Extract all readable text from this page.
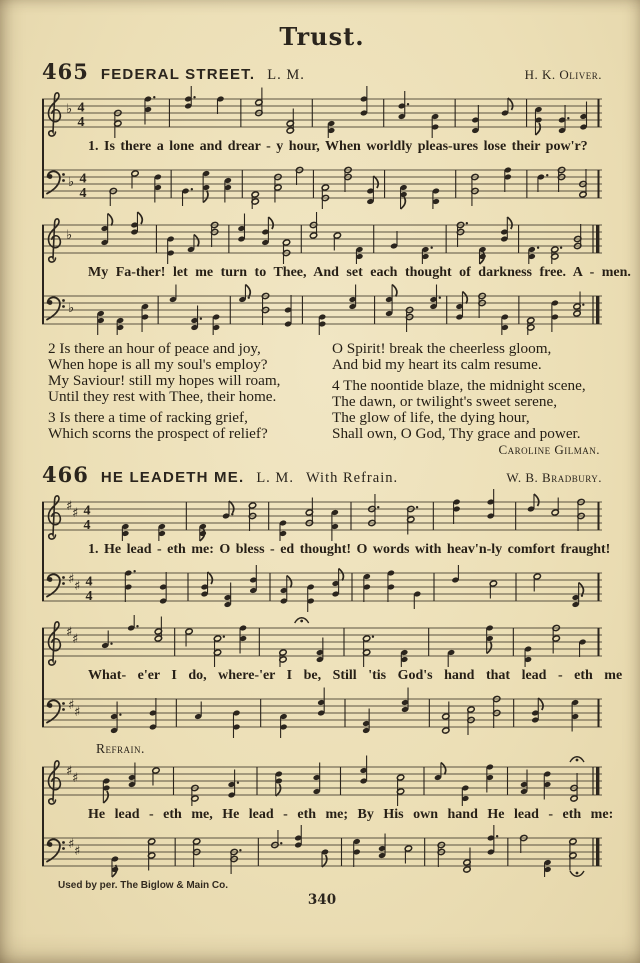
Trust.
465 FEDERAL STREET. L. M.	H. K. Oliver.
♭ 4
4
1. Is there a lone and drear - y hour, When worldly pleas-ures lose their pow'r?
♭ 4
4
♭
My Fa-ther! let me turn to Thee, And set each thought of darkness free. A - men.
♭
2 Is there an hour of peace and joy,
When hope is all my soul's employ?
My Saviour! still my hopes will roam,
Until they rest with Thee, their home.
3 Is there a time of racking grief,
Which scorns the prospect of relief?
O Spirit! break the cheerless gloom,
And bid my heart its calm resume.
4 The noontide blaze, the midnight scene,
The dawn, or twilight's sweet serene,
The glow of life, the dying hour,
Shall own, O God, Thy grace and power.
Caroline Gilman.
466 HE LEADETH ME. L. M. With Refrain.	W. B. Bradbury.
♯ ♯ 4
4
1. He lead - eth me: O bless - ed thought! O words with heav'n-ly comfort fraught!
♯ ♯ 4
4
♯ ♯
What- e'er I do, where-'er I be, Still 'tis God's hand that lead - eth me
♯ ♯
Refrain.
♯ ♯
He lead - eth me, He lead - eth me; By His own hand He lead - eth me:
♯ ♯
Used by per. The Biglow & Main Co.
340
